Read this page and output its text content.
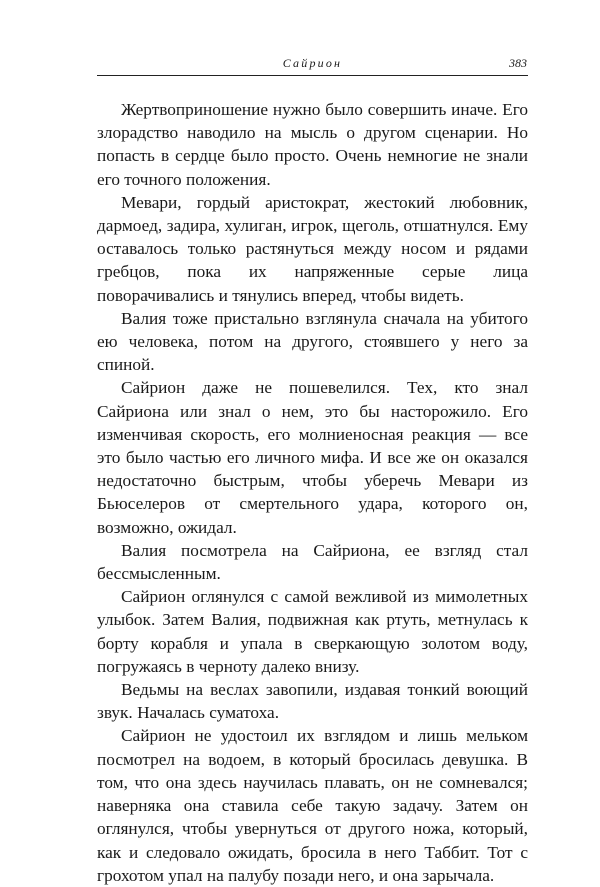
Сайрион	383

Жертвоприношение нужно было совершить иначе. Его злорадство наводило на мысль о другом сценарии. Но попасть в сердце было просто. Очень немногие не знали его точного положения.

Мевари, гордый аристократ, жестокий любовник, дармоед, задира, хулиган, игрок, щеголь, отшатнулся. Ему оставалось только растянуться между носом и рядами гребцов, пока их напряженные серые лица поворачивались и тянулись вперед, чтобы видеть.

Валия тоже пристально взглянула сначала на убитого ею человека, потом на другого, стоявшего у него за спиной.

Сайрион даже не пошевелился. Тех, кто знал Сайриона или знал о нем, это бы насторожило. Его изменчивая скорость, его молниеносная реакция — все это было частью его личного мифа. И все же он оказался недостаточно быстрым, чтобы уберечь Мевари из Бьюселеров от смертельного удара, которого он, возможно, ожидал.

Валия посмотрела на Сайриона, ее взгляд стал бессмысленным.

Сайрион оглянулся с самой вежливой из мимолетных улыбок. Затем Валия, подвижная как ртуть, метнулась к борту корабля и упала в сверкающую золотом воду, погружаясь в черноту далеко внизу.

Ведьмы на веслах завопили, издавая тонкий воющий звук. Началась суматоха.

Сайрион не удостоил их взглядом и лишь мельком посмотрел на водоем, в который бросилась девушка. В том, что она здесь научилась плавать, он не сомневался; наверняка она ставила себе такую задачу. Затем он оглянулся, чтобы увернуться от другого ножа, который, как и следовало ожидать, бросила в него Таббит. Тот с грохотом упал на палубу позади него, и она зарычала.
